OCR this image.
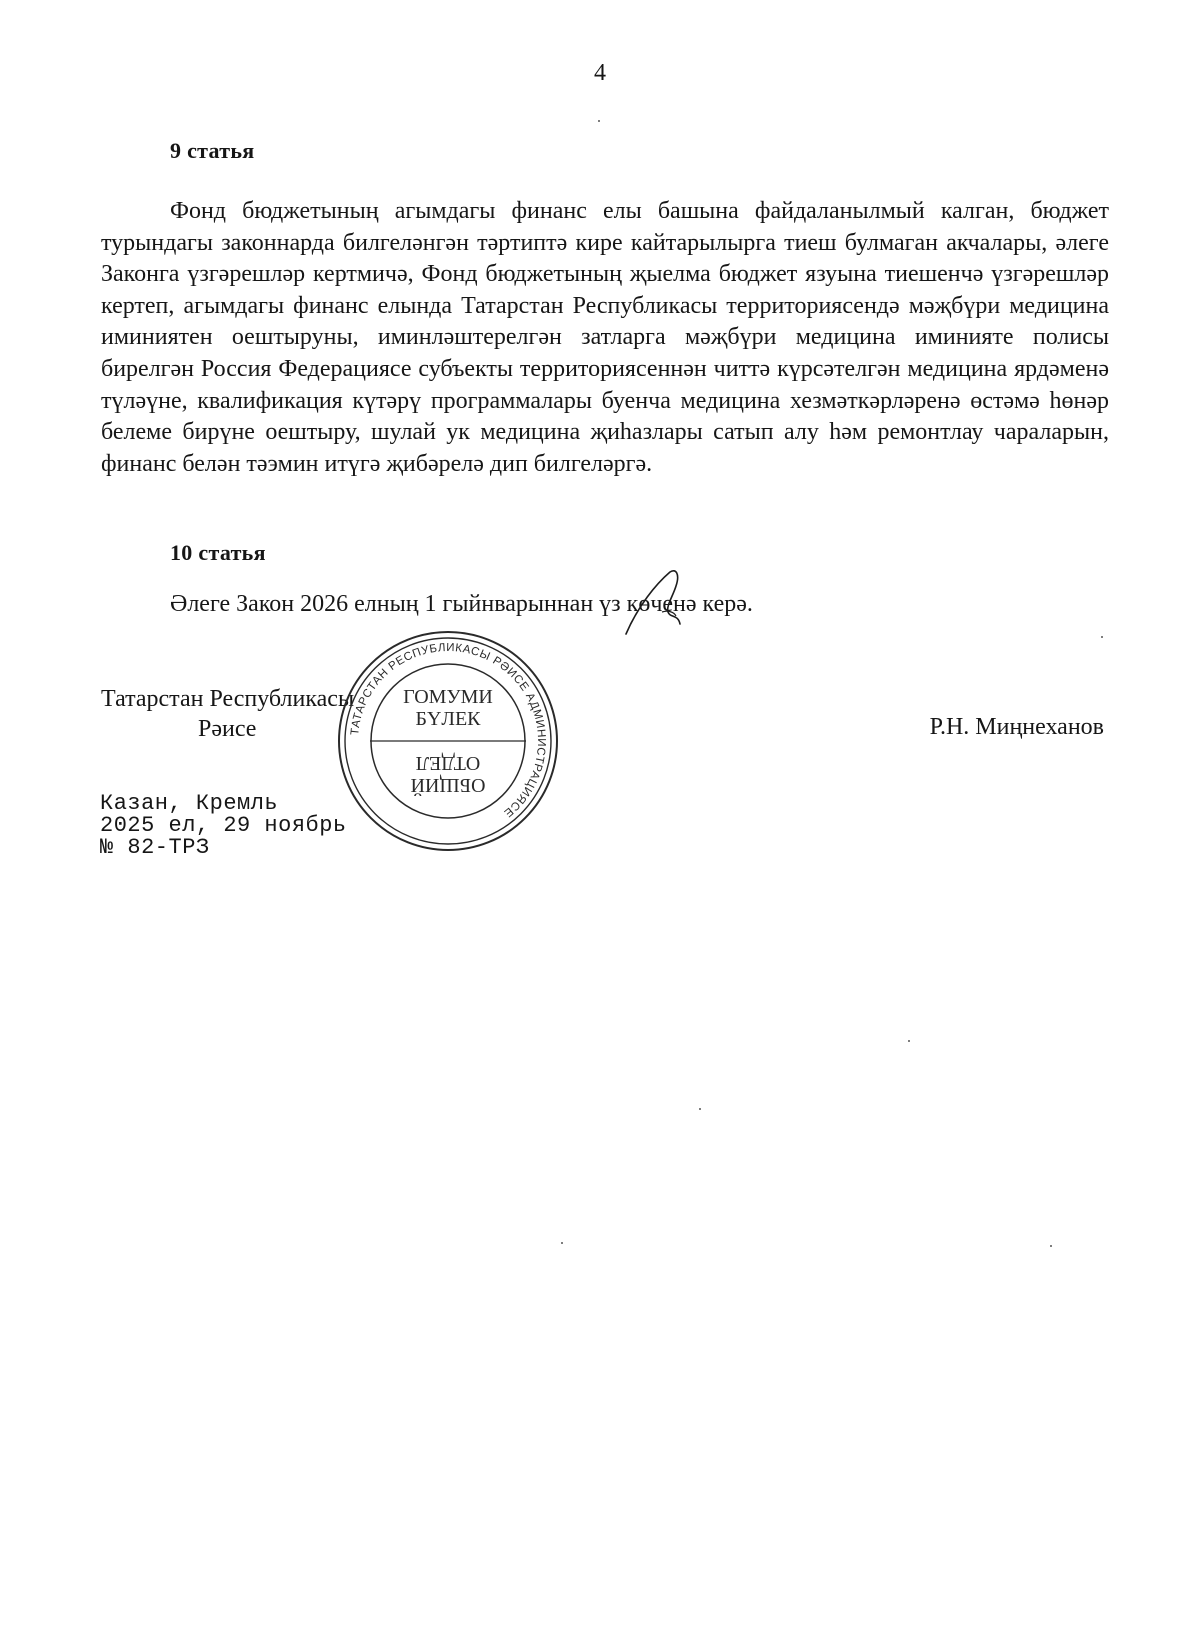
4
9 статья

Фонд бюджетының агымдагы финанс елы башына файдаланылмый калган, бюджет турындагы законнарда билгеләнгән тәртиптә кире кайтарылырга тиеш булмаган акчалары, әлеге Законга үзгәрешләр кертмичә, Фонд бюджетының җыелма бюджет язуына тиешенчә үзгәрешләр кертеп, агымдагы финанс елында Татарстан Республикасы территориясендә мәҗбүри медицина иминиятен оештыруны, иминләштерелгән затларга мәҗбүри медицина иминияте полисы бирелгән Россия Федерациясе субъекты территориясеннән читтә күрсәтелгән медицина ярдәменә түләүне, квалификация күтәрү программалары буенча медицина хезмәткәрләренә өстәмә һөнәр белеме бирүне оештыру, шулай ук медицина җиһазлары сатып алу һәм ремонтлау чараларын, финанс белән тәэмин итүгә җибәрелә дип билгеләргә.

10 статья

Әлеге Закон 2026 елның 1 гыйнварыннан үз көченә керә.

Татарстан Республикасы
Рәисе	Р.Н. Миңнеханов
Казан, Кремль
2025 ел, 29 ноябрь
№ 82-ТРЗ
ТАТАРСТАН РЕСПУБЛИКАСЫ РӘИСЕ АДМИНИСТРАЦИЯСЕ
ГОМУМИ
БҮЛЕК
ОБЩИЙ
ОТДЕЛ
